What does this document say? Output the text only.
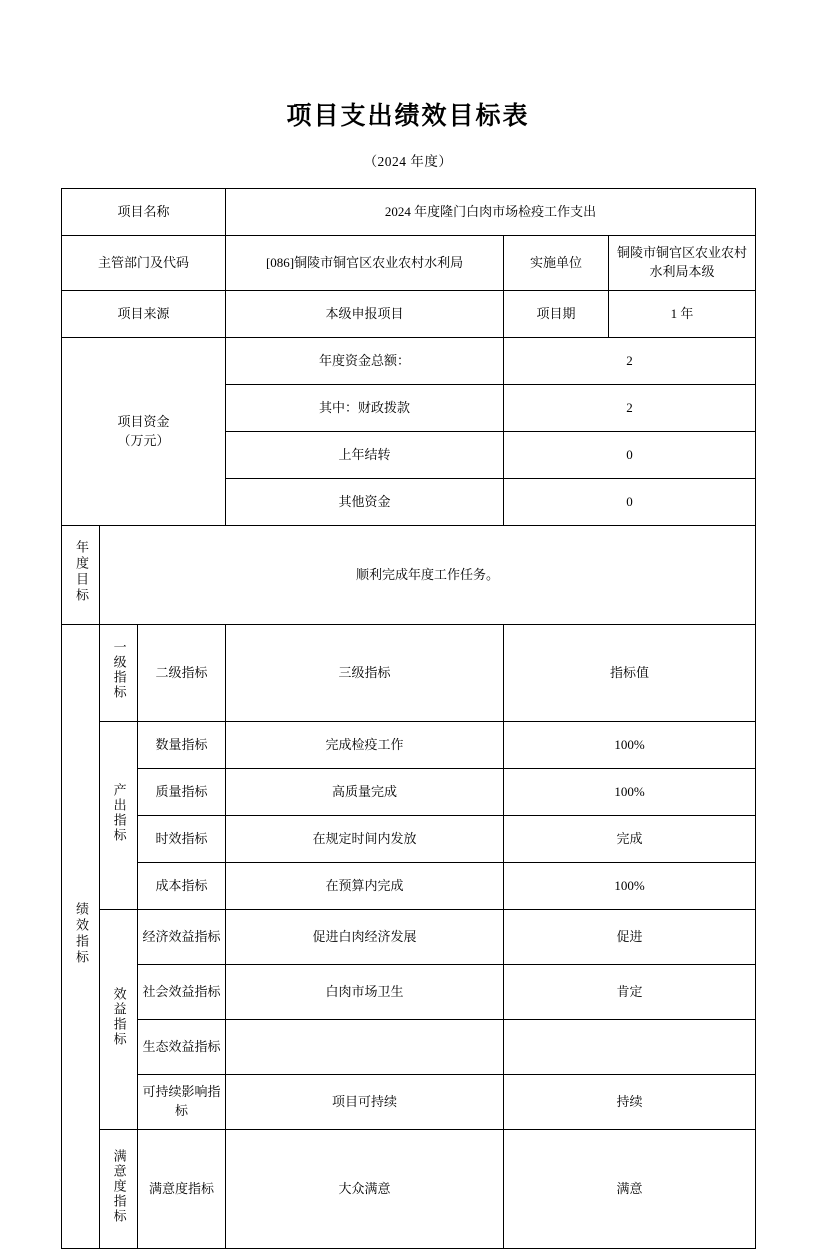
项目支出绩效目标表
（2024 年度）
项目名称			2024 年度隆门白肉市场检疫工作支出		
主管部门及代码			[086]铜陵市铜官区农业农村水利局	实施单位	铜陵市铜官区农业农村水利局本级
项目来源			本级申报项目	项目期	1 年

项目资金
（万元）			年度资金总额：	2	
			其中：财政拨款	2	
			上年结转	0	
			其他资金	0	
年度目标	顺利完成年度工作任务。				
绩效指标	一级指标	二级指标	三级指标	指标值	
	产出指标	数量指标	完成检疫工作	100%	
		质量指标	高质量完成	100%	
		时效指标	在规定时间内发放	完成	
		成本指标	在预算内完成	100%	
	效益指标	经济效益指标	促进白肉经济发展	促进	
		社会效益指标	白肉市场卫生	肯定	
		生态效益指标			
		可持续影响指标	项目可持续	持续	
	满意度指标	满意度指标	大众满意	满意	
